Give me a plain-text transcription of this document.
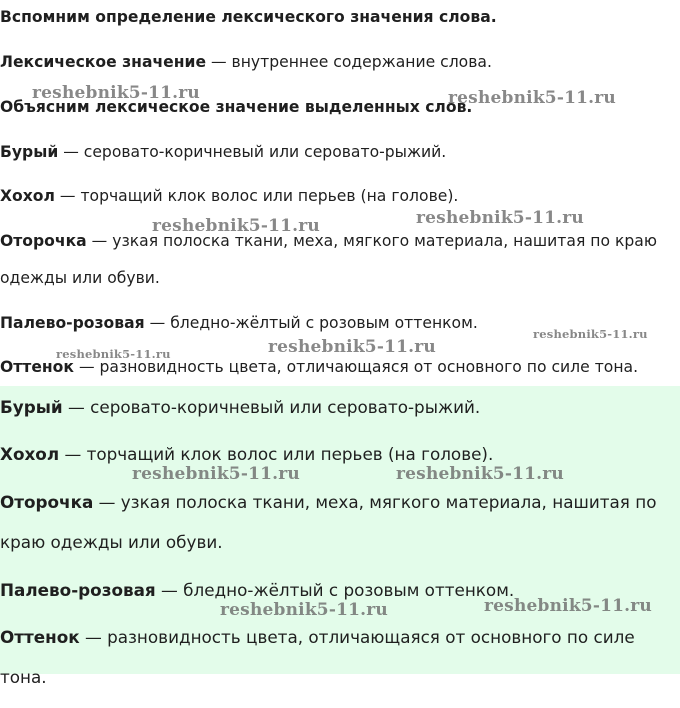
Вспомним определение лексического значения слова.

Лексическое значение — внутреннее содержание слова.

Объясним лексическое значение выделенных слов.

Бурый — серовато-коричневый или серовато-рыжий.

Хохол — торчащий клок волос или перьев (на голове).

Оторочка — узкая полоска ткани, меха, мягкого материала, нашитая по краю

одежды или обуви.

Палево-розовая — бледно-жёлтый с розовым оттенком.

Оттенок — разновидность цвета, отличающаяся от основного по силе тона.

Бурый — серовато-коричневый или серовато-рыжий.

Хохол — торчащий клок волос или перьев (на голове).

Оторочка — узкая полоска ткани, меха, мягкого материала, нашитая по

краю одежды или обуви.

Палево-розовая — бледно-жёлтый с розовым оттенком.

Оттенок — разновидность цвета, отличающаяся от основного по силе

тона.

reshebnik5-11.ru	reshebnik5-11.ru
reshebnik5-11.ru	reshebnik5-11.ru
reshebnik5-11.ru
reshebnik5-11.ru	reshebnik5-11.ru
reshebnik5-11.ru	reshebnik5-11.ru
reshebnik5-11.ru	reshebnik5-11.ru
